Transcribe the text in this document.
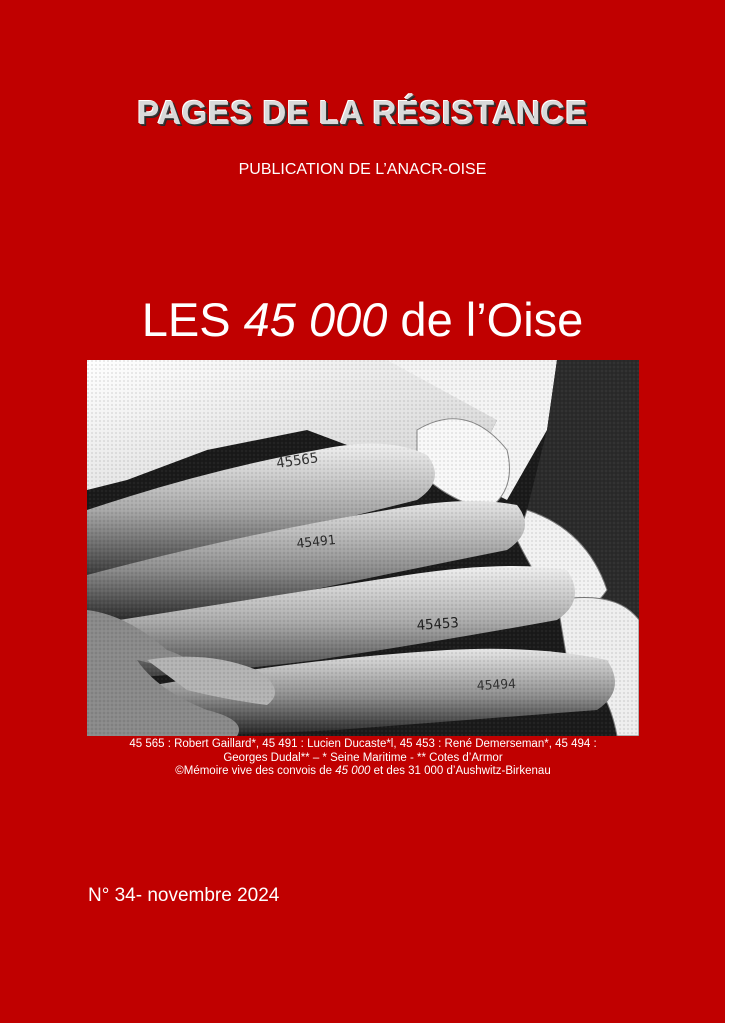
PAGES DE LA RÉSISTANCE
PUBLICATION DE L’ANACR-OISE
LES 45 000 de l’Oise
45565
45491
45453
45494
45 565 : Robert Gaillard*, 45 491 : Lucien Ducaste*l, 45 453 : René Demerseman*, 45 494 :
Georges Dudal** – * Seine Maritime - ** Cotes d’Armor
©Mémoire vive des convois de 45 000 et des 31 000 d’Aushwitz-Birkenau
N° 34- novembre 2024
